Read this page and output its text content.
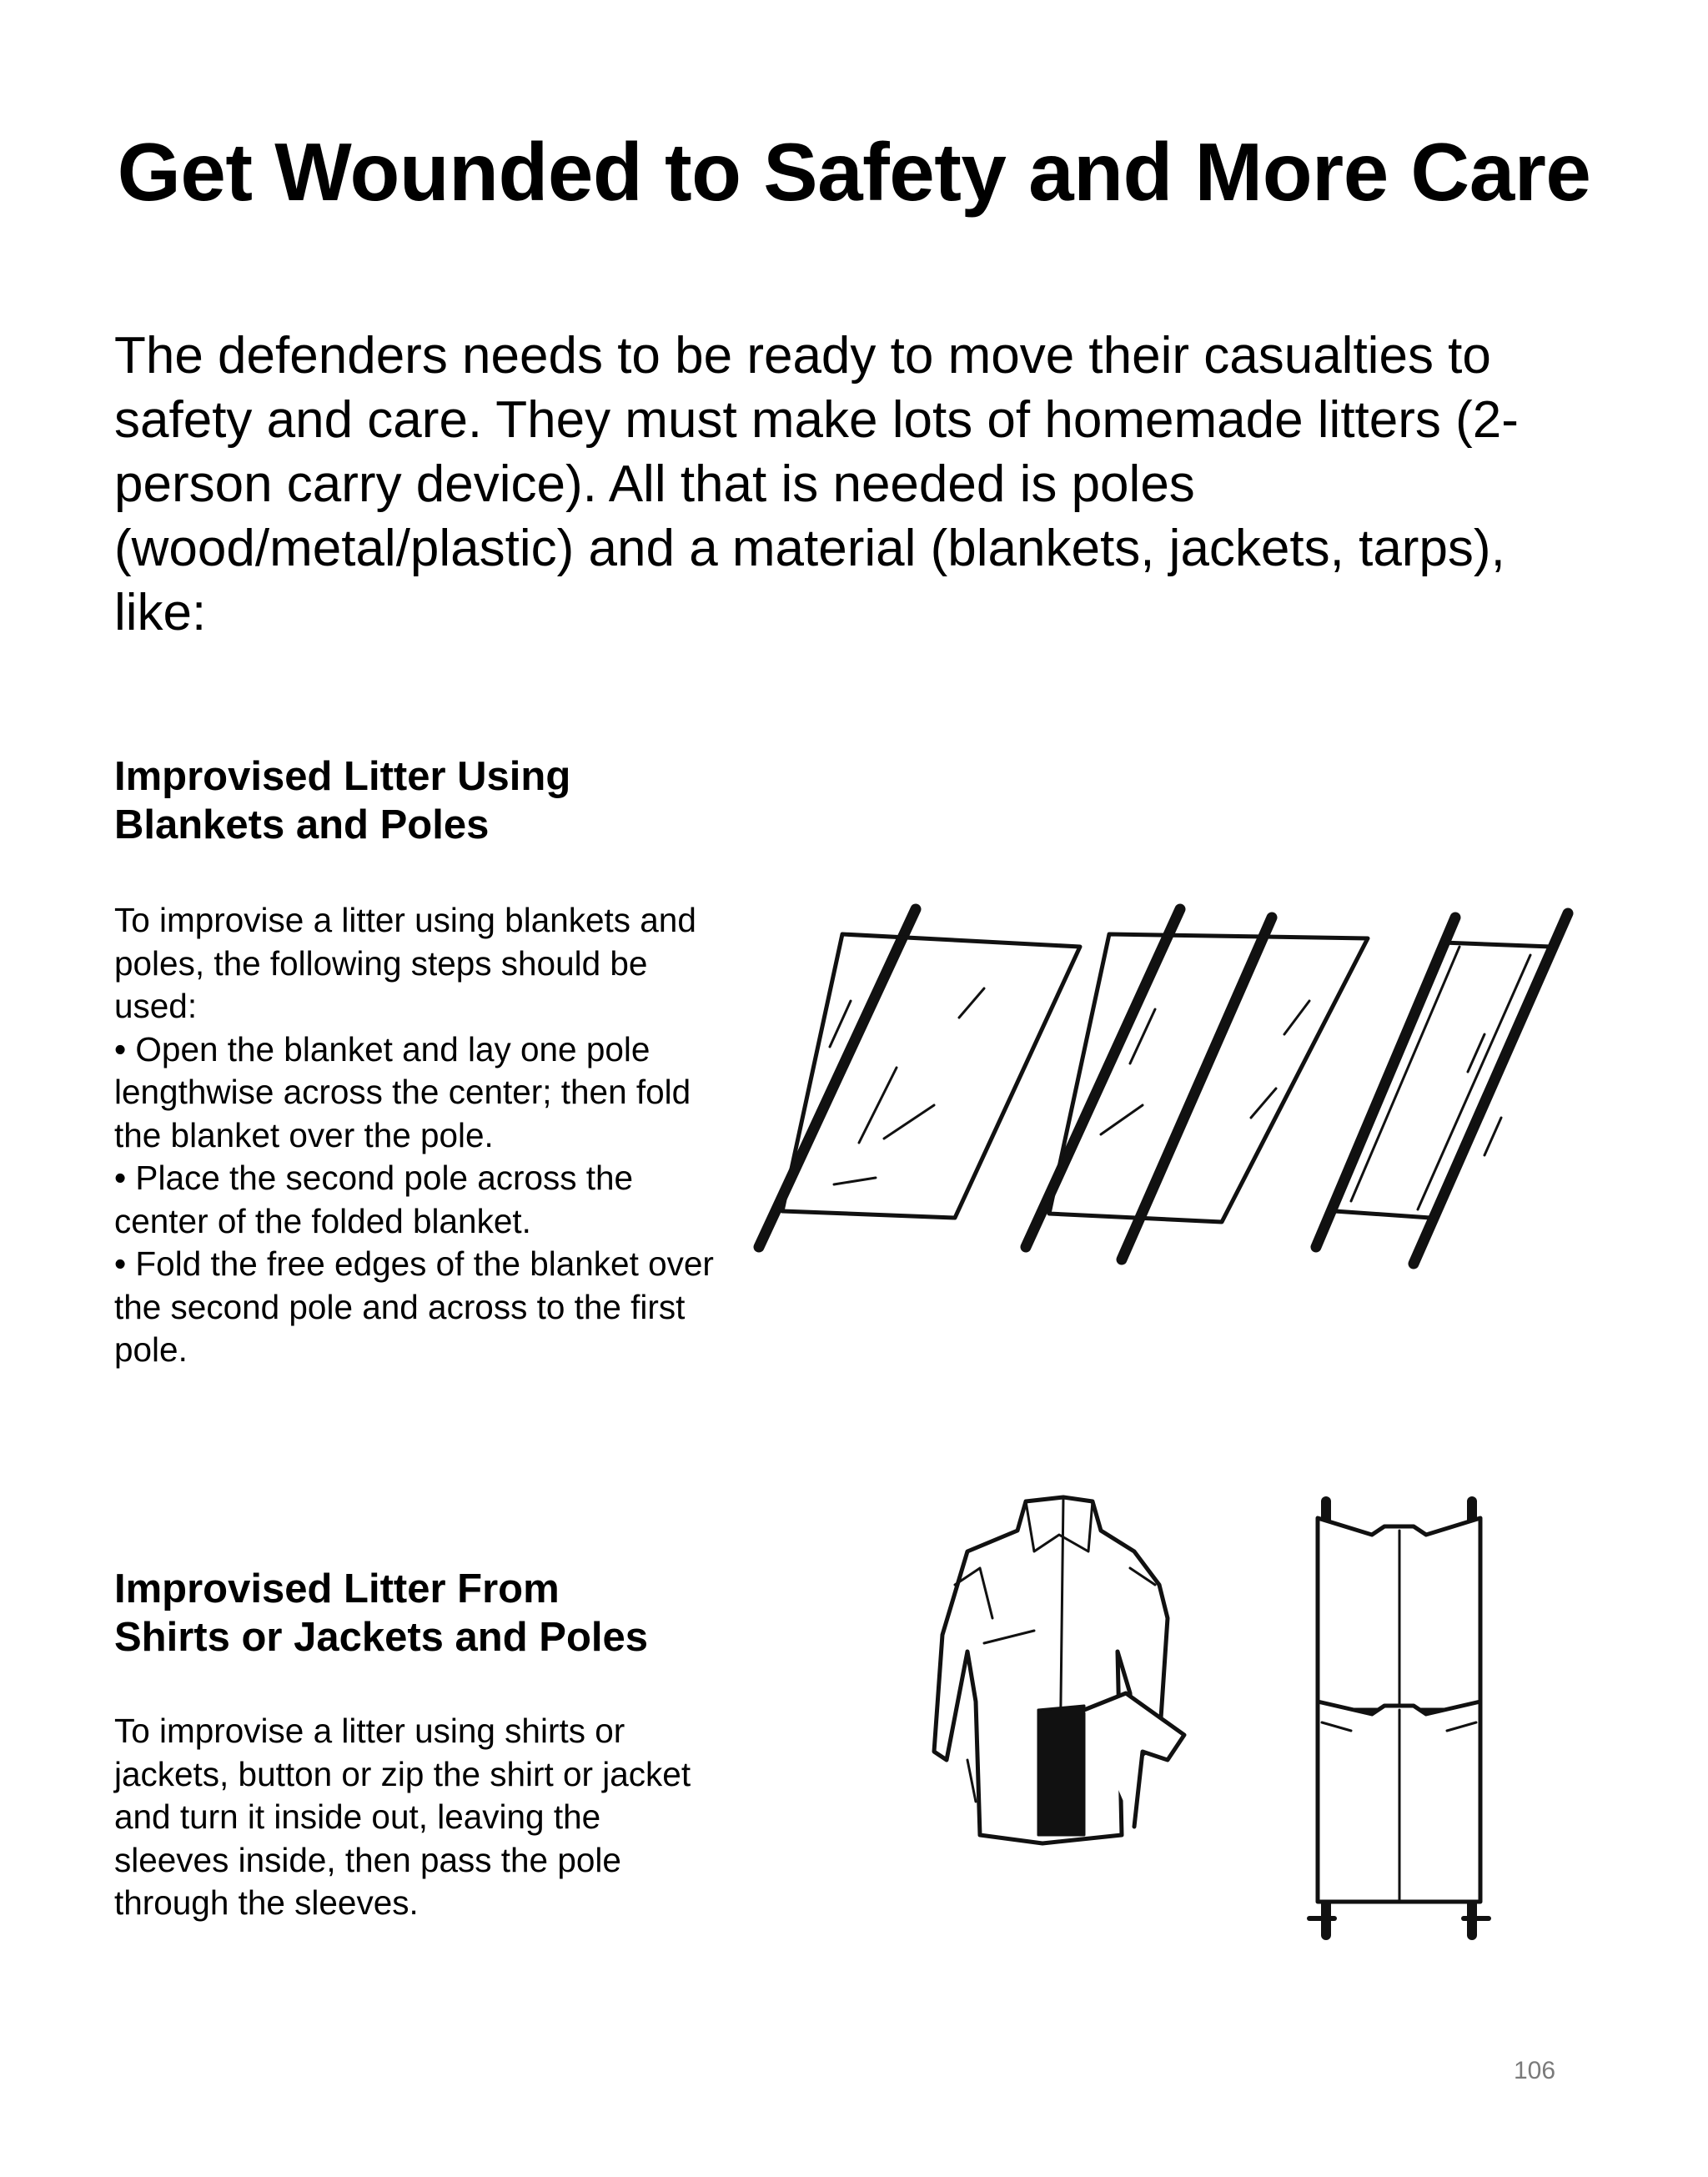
Get Wounded to Safety and More Care

The defenders needs to be ready to move their casualties to safety and care. They must make lots of homemade litters (2-person carry device). All that is needed is poles (wood/metal/plastic) and a material (blankets, jackets, tarps), like:

Improvised Litter Using
Blankets and Poles

To improvise a litter using blankets and poles, the following steps should be used:

• Open the blanket and lay one pole lengthwise across the center; then fold the blanket over the pole.

• Place the second pole across the center of the folded blanket.

• Fold the free edges of the blanket over the second pole and across to the first pole.

Improvised Litter From
Shirts or Jackets and Poles

To improvise a litter using shirts or jackets, button or zip the shirt or jacket and turn it inside out, leaving the sleeves inside, then pass the pole through the sleeves.

106
